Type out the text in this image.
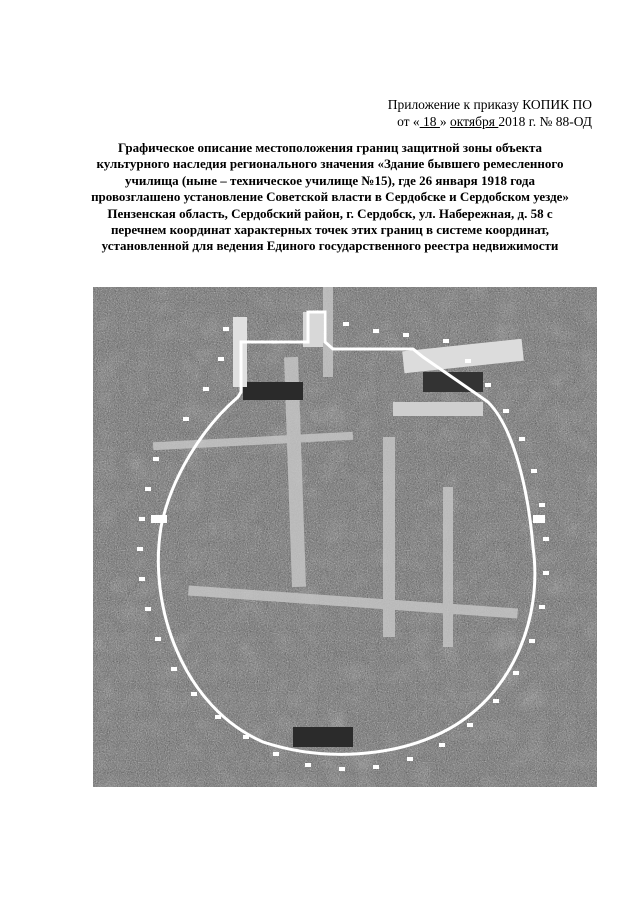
Приложение к приказу КОПИК ПО
от « 18 » октября 2018 г. № 88-ОД
Графическое описание местоположения границ защитной зоны объекта культурного наследия регионального значения «Здание бывшего ремесленного училища (ныне – техническое училище №15), где 26 января 1918 года провозглашено установление Советской власти в Сердобске и Сердобском уезде» Пензенская область, Сердобский район, г. Сердобск, ул. Набережная, д. 58 с перечнем координат характерных точек этих границ в системе координат, установленной для ведения Единого государственного реестра недвижимости
